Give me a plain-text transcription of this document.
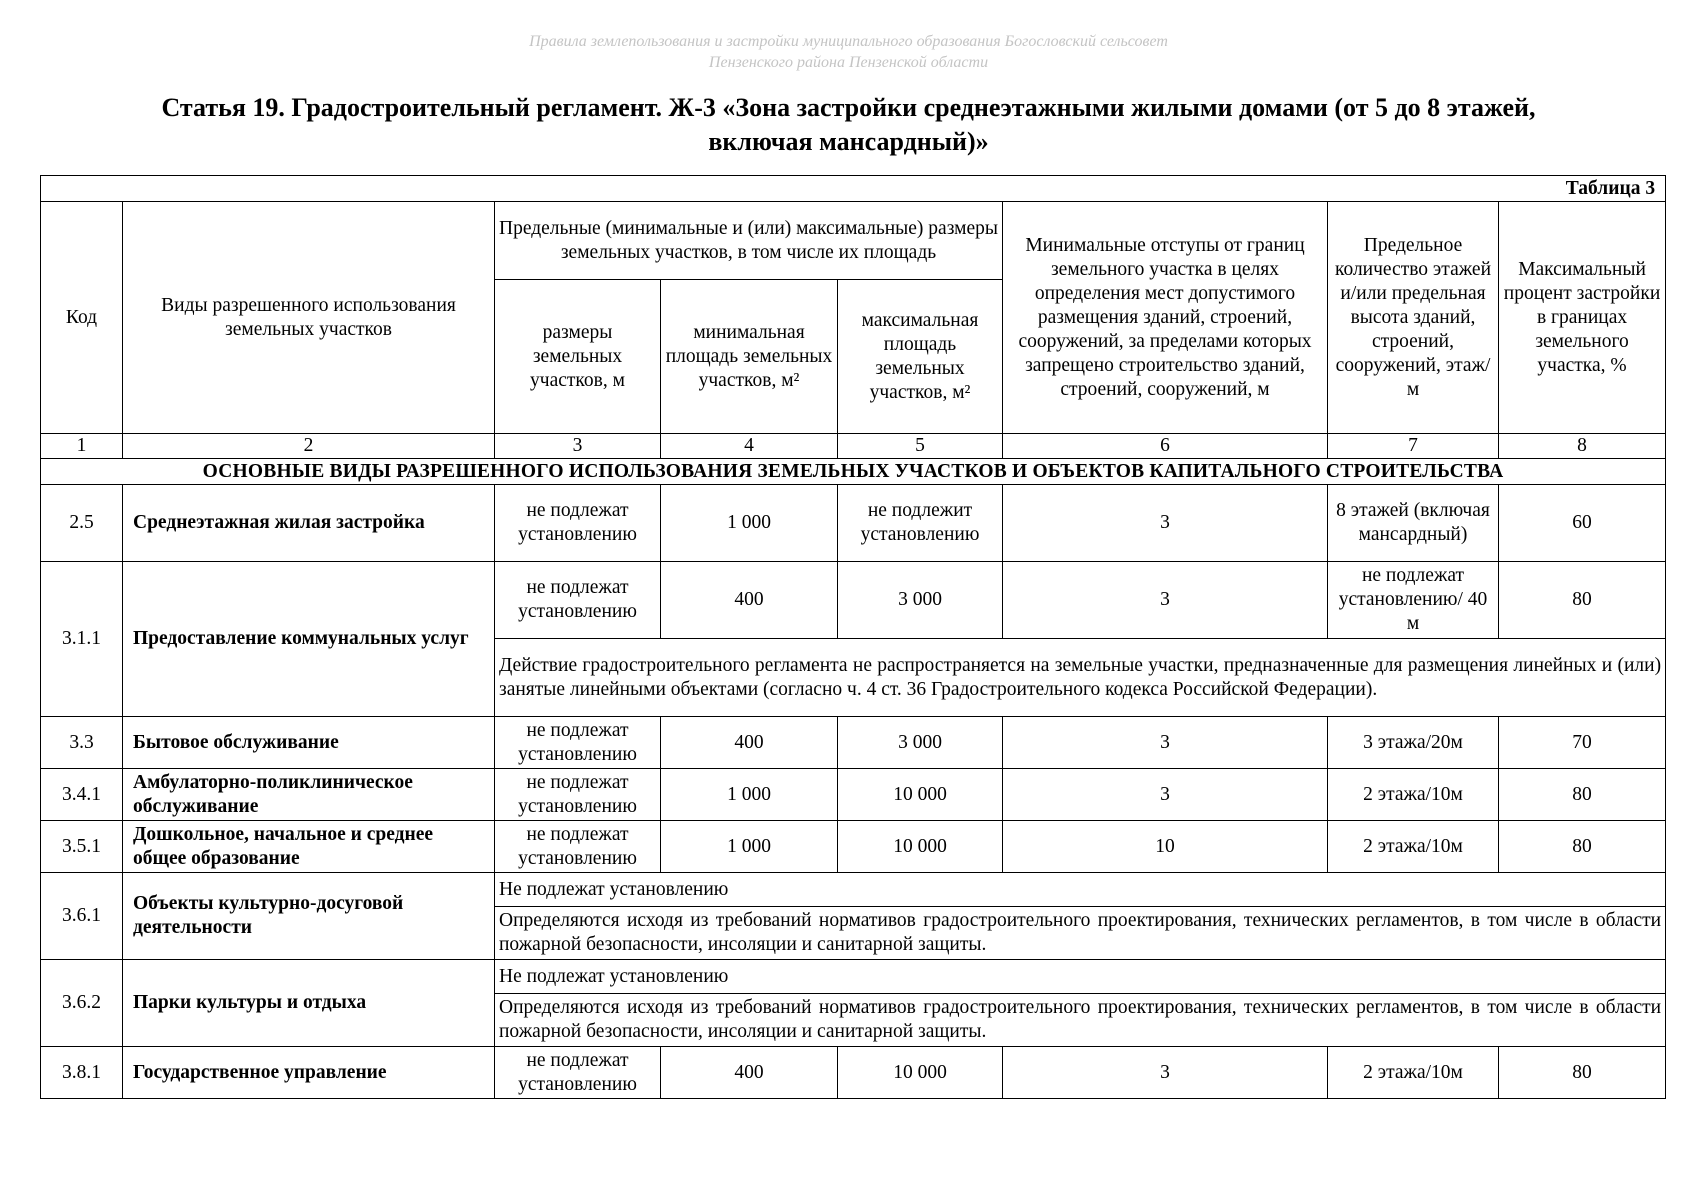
Правила землепользования и застройки муниципального образования Богословский сельсовет
Пензенского района Пензенской области
Статья 19. Градостроительный регламент. Ж-3 «Зона застройки среднеэтажными жилыми домами (от 5 до 8 этажей,
включая мансардный)»
Таблица 3							
Код	Виды разрешенного использования земельных участков	Предельные (минимальные и (или) максимальные) размеры земельных участков, в том числе их площадь			Минимальные отступы от границ земельного участка в целях определения мест допустимого размещения зданий, строений, сооружений, за пределами которых запрещено строительство зданий, строений, сооружений, м	Предельное количество этажей и/или предельная высота зданий, строений, сооружений, этаж/м	Максимальный процент застройки в границах земельного участка, %
		размеры земельных участков, м	минимальная площадь земельных участков, м²	максимальная площадь земельных участков, м²			
1	2	3	4	5	6	7	8
ОСНОВНЫЕ ВИДЫ РАЗРЕШЕННОГО ИСПОЛЬЗОВАНИЯ ЗЕМЕЛЬНЫХ УЧАСТКОВ И ОБЪЕКТОВ КАПИТАЛЬНОГО СТРОИТЕЛЬСТВА							
2.5	Среднеэтажная жилая застройка	не подлежат установлению	1 000	не подлежит установлению	3	8 этажей (включая мансардный)	60
3.1.1	Предоставление коммунальных услуг	не подлежат установлению	400	3 000	3	не подлежат установлению/ 40 м	80
		Действие градостроительного регламента не распространяется на земельные участки, предназначенные для размещения линейных и (или) занятые линейными объектами (согласно ч. 4 ст. 36 Градостроительного кодекса Российской Федерации).					
3.3	Бытовое обслуживание	не подлежат установлению	400	3 000	3	3 этажа/20м	70
3.4.1	Амбулаторно-поликлиническое обслуживание	не подлежат установлению	1 000	10 000	3	2 этажа/10м	80
3.5.1	Дошкольное, начальное и среднее общее образование	не подлежат установлению	1 000	10 000	10	2 этажа/10м	80
3.6.1	Объекты культурно-досуговой деятельности	Не подлежат установлению					
		Определяются исходя из требований нормативов градостроительного проектирования, технических регламентов, в том числе в области пожарной безопасности, инсоляции и санитарной защиты.					
3.6.2	Парки культуры и отдыха	Не подлежат установлению					
		Определяются исходя из требований нормативов градостроительного проектирования, технических регламентов, в том числе в области пожарной безопасности, инсоляции и санитарной защиты.					
3.8.1	Государственное управление	не подлежат установлению	400	10 000	3	2 этажа/10м	80
